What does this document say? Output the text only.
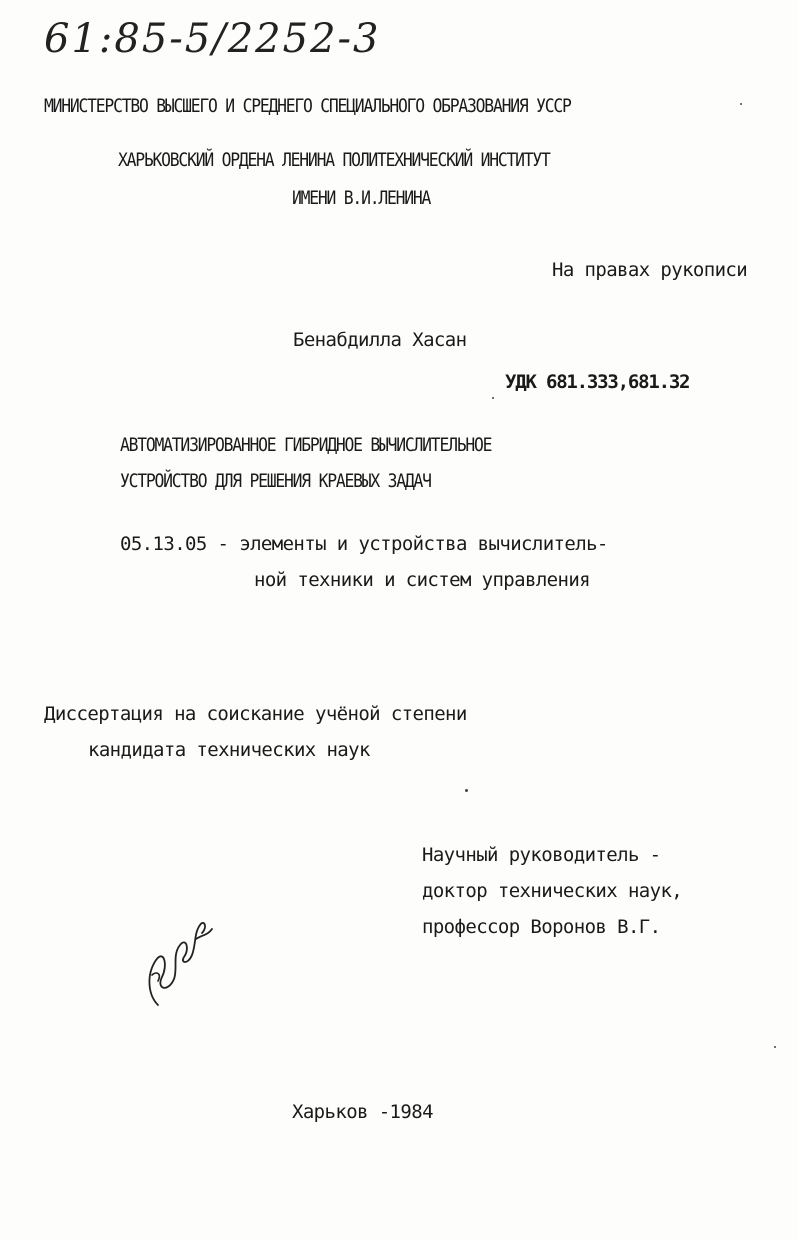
61:85-5/2252-3
МИНИСТЕРСТВО ВЫСШЕГО И СРЕДНЕГО СПЕЦИАЛЬНОГО ОБРАЗОВАНИЯ УССР
ХАРЬКОВСКИЙ ОРДЕНА ЛЕНИНА ПОЛИТЕХНИЧЕСКИЙ ИНСТИТУТ
ИМЕНИ В.И.ЛЕНИНА
На правах рукописи
Бенабдилла Хасан
УДК 681.333,681.32
АВТОМАТИЗИРОВАННОЕ ГИБРИДНОЕ ВЫЧИСЛИТЕЛЬНОЕ
УСТРОЙСТВО ДЛЯ РЕШЕНИЯ КРАЕВЫХ ЗАДАЧ
05.13.05 - элементы и устройства вычислитель-
ной техники и систем управления
Диссертация на соискание учёной степени
кандидата технических наук
Научный руководитель -
доктор технических наук,
профессор Воронов В.Г.
Харьков -1984
